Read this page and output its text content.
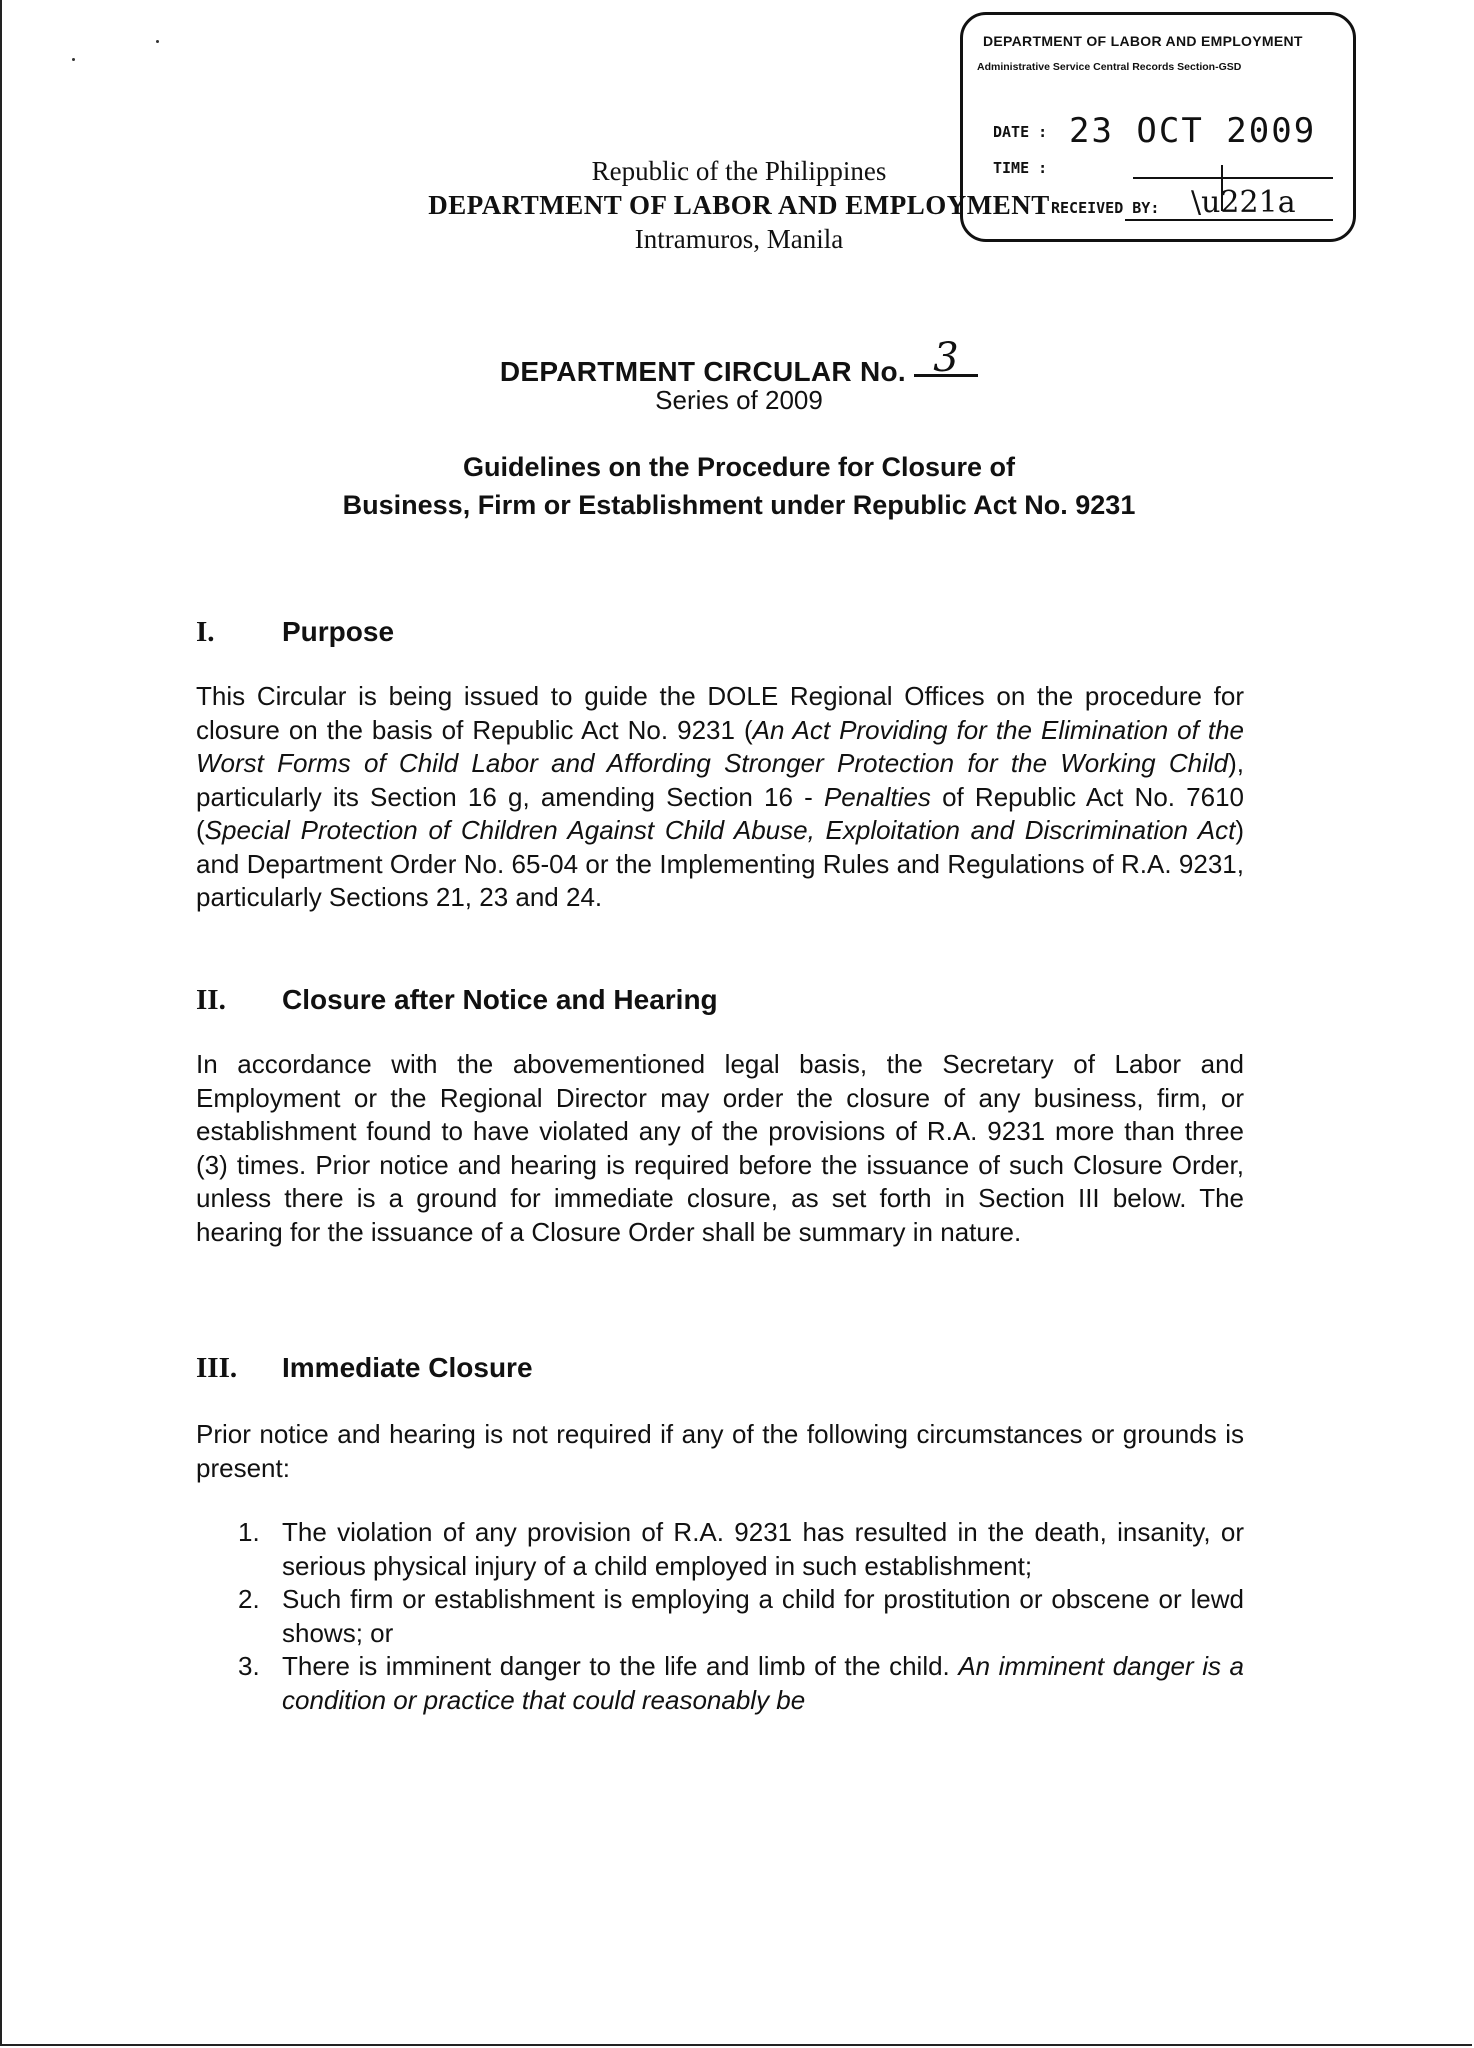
DEPARTMENT OF LABOR AND EMPLOYMENT
Administrative Service Central Records Section-GSD
DATE : 23 OCT 2009
TIME :
RECEIVED BY: \u221a
Republic of the Philippines
DEPARTMENT OF LABOR AND EMPLOYMENT
Intramuros, Manila
DEPARTMENT CIRCULAR No. 3
Series of 2009
Guidelines on the Procedure for Closure of
Business, Firm or Establishment under Republic Act No. 9231
I. Purpose

This Circular is being issued to guide the DOLE Regional Offices on the procedure for closure on the basis of Republic Act No. 9231 (An Act Providing for the Elimination of the Worst Forms of Child Labor and Affording Stronger Protection for the Working Child), particularly its Section 16 g, amending Section 16 - Penalties of Republic Act No. 7610 (Special Protection of Children Against Child Abuse, Exploitation and Discrimination Act) and Department Order No. 65-04 or the Implementing Rules and Regulations of R.A. 9231, particularly Sections 21, 23 and 24.

II. Closure after Notice and Hearing

In accordance with the abovementioned legal basis, the Secretary of Labor and Employment or the Regional Director may order the closure of any business, firm, or establishment found to have violated any of the provisions of R.A. 9231 more than three (3) times. Prior notice and hearing is required before the issuance of such Closure Order, unless there is a ground for immediate closure, as set forth in Section III below. The hearing for the issuance of a Closure Order shall be summary in nature.

III. Immediate Closure

Prior notice and hearing is not required if any of the following circumstances or grounds is present:

1. The violation of any provision of R.A. 9231 has resulted in the death, insanity, or serious physical injury of a child employed in such establishment;
2. Such firm or establishment is employing a child for prostitution or obscene or lewd shows; or
3. There is imminent danger to the life and limb of the child. An imminent danger is a condition or practice that could reasonably be
